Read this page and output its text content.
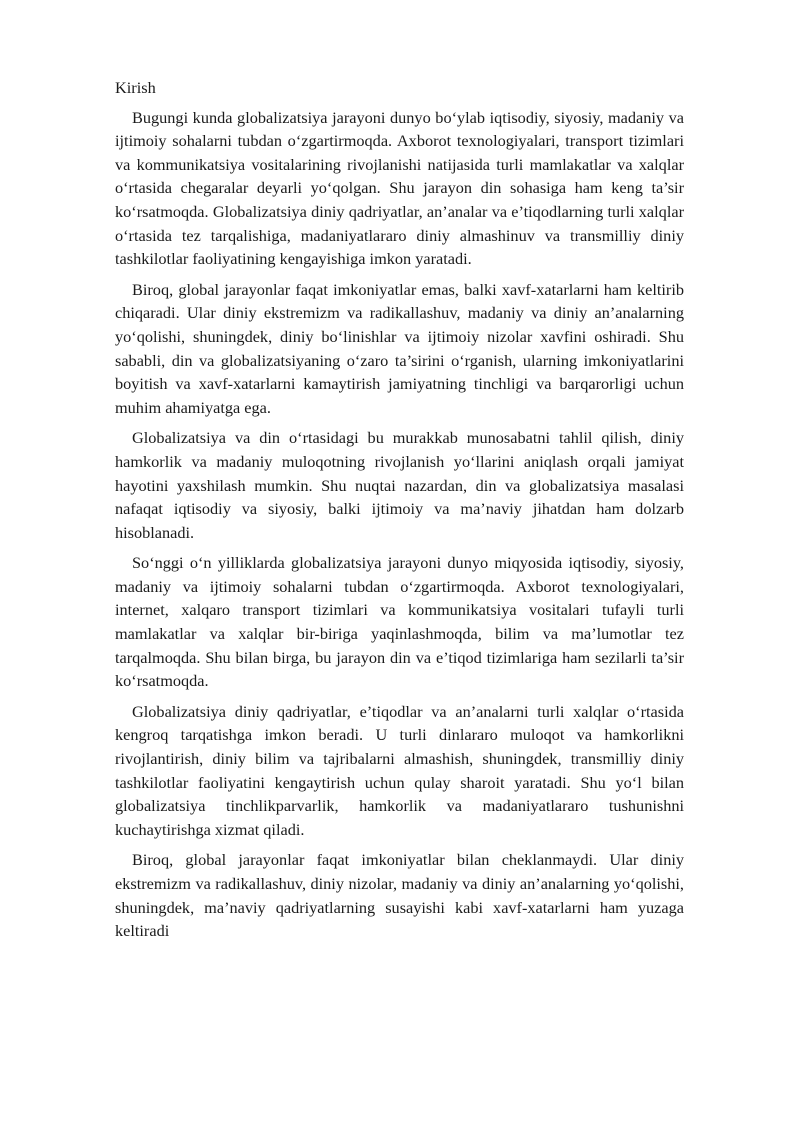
Kirish

Bugungi kunda globalizatsiya jarayoni dunyo bo‘ylab iqtisodiy, siyosiy, madaniy va ijtimoiy sohalarni tubdan o‘zgartirmoqda. Axborot texnologiyalari, transport tizimlari va kommunikatsiya vositalarining rivojlanishi natijasida turli mamlakatlar va xalqlar o‘rtasida chegaralar deyarli yo‘qolgan. Shu jarayon din sohasiga ham keng ta’sir ko‘rsatmoqda. Globalizatsiya diniy qadriyatlar, an’analar va e’tiqodlarning turli xalqlar o‘rtasida tez tarqalishiga, madaniyatlararo diniy almashinuv va transmilliy diniy tashkilotlar faoliyatining kengayishiga imkon yaratadi.

Biroq, global jarayonlar faqat imkoniyatlar emas, balki xavf-xatarlarni ham keltirib chiqaradi. Ular diniy ekstremizm va radikallashuv, madaniy va diniy an’analarning yo‘qolishi, shuningdek, diniy bo‘linishlar va ijtimoiy nizolar xavfini oshiradi. Shu sababli, din va globalizatsiyaning o‘zaro ta’sirini o‘rganish, ularning imkoniyatlarini boyitish va xavf-xatarlarni kamaytirish jamiyatning tinchligi va barqarorligi uchun muhim ahamiyatga ega.

Globalizatsiya va din o‘rtasidagi bu murakkab munosabatni tahlil qilish, diniy hamkorlik va madaniy muloqotning rivojlanish yo‘llarini aniqlash orqali jamiyat hayotini yaxshilash mumkin. Shu nuqtai nazardan, din va globalizatsiya masalasi nafaqat iqtisodiy va siyosiy, balki ijtimoiy va ma’naviy jihatdan ham dolzarb hisoblanadi.

So‘nggi o‘n yilliklarda globalizatsiya jarayoni dunyo miqyosida iqtisodiy, siyosiy, madaniy va ijtimoiy sohalarni tubdan o‘zgartirmoqda. Axborot texnologiyalari, internet, xalqaro transport tizimlari va kommunikatsiya vositalari tufayli turli mamlakatlar va xalqlar bir-biriga yaqinlashmoqda, bilim va ma’lumotlar tez tarqalmoqda. Shu bilan birga, bu jarayon din va e’tiqod tizimlariga ham sezilarli ta’sir ko‘rsatmoqda.

Globalizatsiya diniy qadriyatlar, e’tiqodlar va an’analarni turli xalqlar o‘rtasida kengroq tarqatishga imkon beradi. U turli dinlararo muloqot va hamkorlikni rivojlantirish, diniy bilim va tajribalarni almashish, shuningdek, transmilliy diniy tashkilotlar faoliyatini kengaytirish uchun qulay sharoit yaratadi. Shu yo‘l bilan globalizatsiya tinchlikparvarlik, hamkorlik va madaniyatlararo tushunishni kuchaytirishga xizmat qiladi.

Biroq, global jarayonlar faqat imkoniyatlar bilan cheklanmaydi. Ular diniy ekstremizm va radikallashuv, diniy nizolar, madaniy va diniy an’analarning yo‘qolishi, shuningdek, ma’naviy qadriyatlarning susayishi kabi xavf-xatarlarni ham yuzaga keltiradi
